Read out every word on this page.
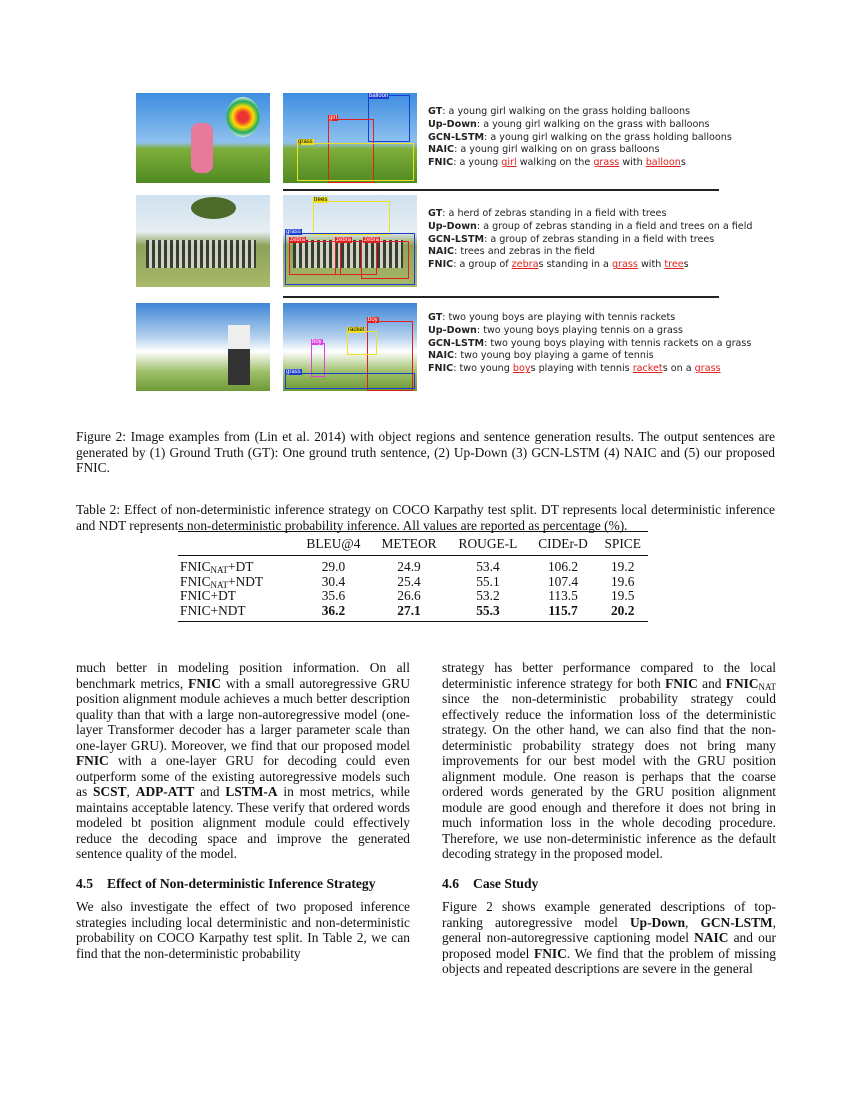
balloon
girl
grass
GT: a young girl walking on the grass holding balloons
Up-Down: a young girl walking on the grass with balloons
GCN-LSTM: a young girl walking on the grass holding balloons
NAIC: a young girl walking on on grass balloons
FNIC: a young girl walking on the grass with balloons
trees
grass
zebra	zebra zebra
GT: a herd of zebras standing in a field with trees
Up-Down: a group of zebras standing in a field and trees on a field
GCN-LSTM: a group of zebras standing in a field with trees
NAIC: trees and zebras in the field
FNIC: a group of zebras standing in a grass with trees
boy
racket
boy
grass
GT: two young boys are playing with tennis rackets
Up-Down: two young boys playing tennis on a grass
GCN-LSTM: two young boys playing with tennis rackets on a grass
NAIC: two young boy playing a game of tennis
FNIC: two young boys playing with tennis rackets on a grass
Figure 2: Image examples from (Lin et al. 2014) with object regions and sentence generation results. The output sentences are generated by (1) Ground Truth (GT): One ground truth sentence, (2) Up-Down (3) GCN-LSTM (4) NAIC and (5) our proposed FNIC.
Table 2: Effect of non-deterministic inference strategy on COCO Karpathy test split. DT represents local deterministic inference and NDT represents non-deterministic probability inference. All values are reported as percentage (%).
	BLEU@4	METEOR	ROUGE-L	CIDEr-D	SPICE
$FNIC_{NAT}+DT$	29.0	24.9	53.4	106.2	19.2
$FNIC_{NAT}+NDT$	30.4	25.4	55.1	107.4	19.6
FNIC+DT	35.6	26.6	53.2	113.5	19.5
FNIC+NDT	36.2	27.1	55.3	115.7	20.2

much better in modeling position information. On all benchmark metrics, FNIC with a small autoregressive GRU position alignment module achieves a much better description quality than that with a large non-autoregressive model (one-layer Transformer decoder has a larger parameter scale than one-layer GRU). Moreover, we find that our proposed model FNIC with a one-layer GRU for decoding could even outperform some of the existing autoregressive models such as SCST, ADP-ATT and LSTM-A in most metrics, while maintains acceptable latency. These verify that ordered words modeled bt position alignment module could effectively reduce the decoding space and improve the generated sentence quality of the model.

4.5	Effect of Non-deterministic Inference Strategy

We also investigate the effect of two proposed inference strategies including local deterministic and non-deterministic probability on COCO Karpathy test split. In Table 2, we can find that the non-deterministic probability

strategy has better performance compared to the local deterministic inference strategy for both FNIC and $FNIC_{NAT}$ since the non-deterministic probability strategy could effectively reduce the information loss of the deterministic strategy. On the other hand, we can also find that the non-deterministic probability strategy does not bring many improvements for our best model with the GRU position alignment module. One reason is perhaps that the coarse ordered words generated by the GRU position alignment module are good enough and therefore it does not bring in much information loss in the whole decoding procedure. Therefore, we use non-deterministic inference as the default decoding strategy in the proposed model.

4.6	Case Study

Figure 2 shows example generated descriptions of top-ranking autoregressive model Up-Down, GCN-LSTM, general non-autoregressive captioning model NAIC and our proposed model FNIC. We find that the problem of missing objects and repeated descriptions are severe in the general
